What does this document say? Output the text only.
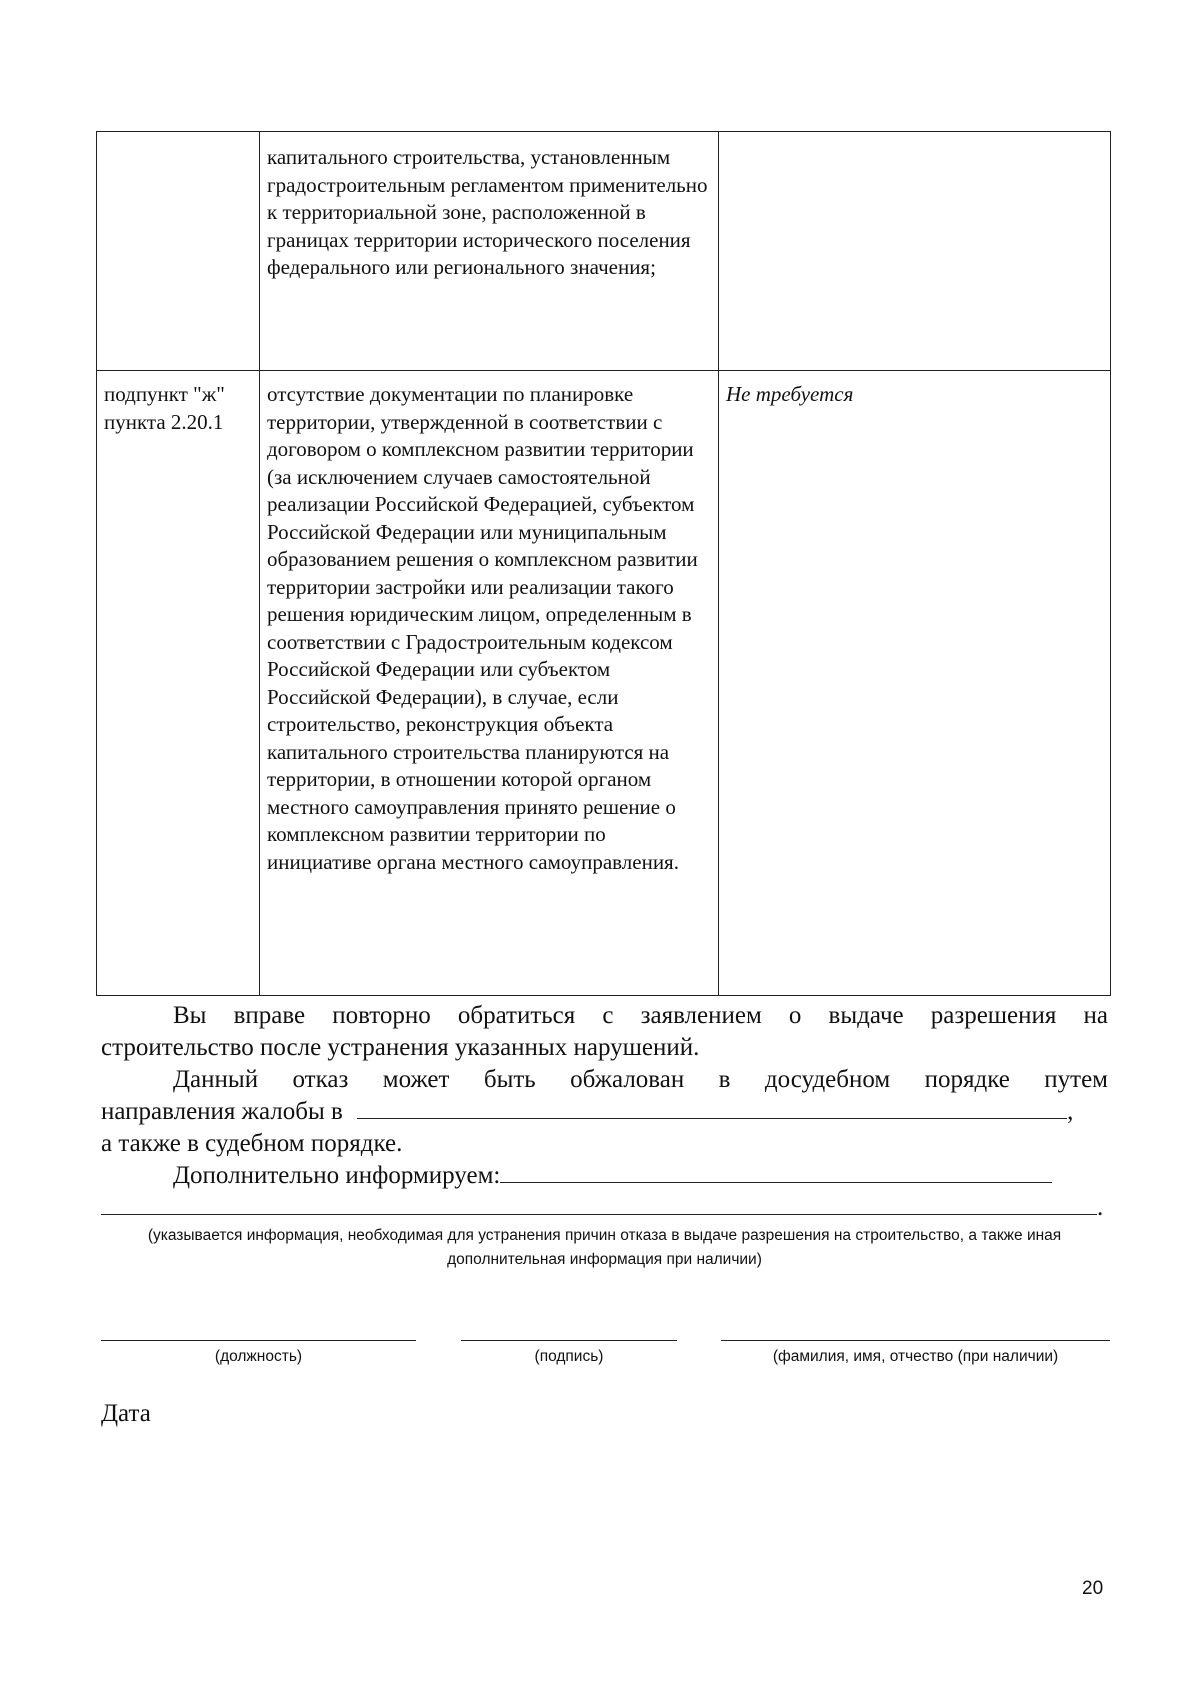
	капитального строительства, установленным градостроительным регламентом применительно к территориальной зоне, расположенной в границах территории исторического поселения федерального или регионального значения;	
подпункт "ж" пункта 2.20.1	отсутствие документации по планировке территории, утвержденной в соответствии с договором о комплексном развитии территории (за исключением случаев самостоятельной реализации Российской Федерацией, субъектом Российской Федерации или муниципальным образованием решения о комплексном развитии территории застройки или реализации такого решения юридическим лицом, определенным в соответствии с Градостроительным кодексом Российской Федерации или субъектом Российской Федерации), в случае, если строительство, реконструкция объекта капитального строительства планируются на территории, в отношении которой органом местного самоуправления принято решение о комплексном развитии территории по инициативе органа местного самоуправления.	Не требуется
Вы вправе повторно обратиться с заявлением о выдаче разрешения на
строительство после устранения указанных нарушений.
Данный отказ может быть обжалован в досудебном порядке путем
направления жалобы в	,
а также в судебном порядке.
Дополнительно информируем:
.
(указывается информация, необходимая для устранения причин отказа в выдаче разрешения на строительство, а также иная дополнительная информация при наличии)
(должность)	(подпись)	(фамилия, имя, отчество (при наличии)
Дата
20
